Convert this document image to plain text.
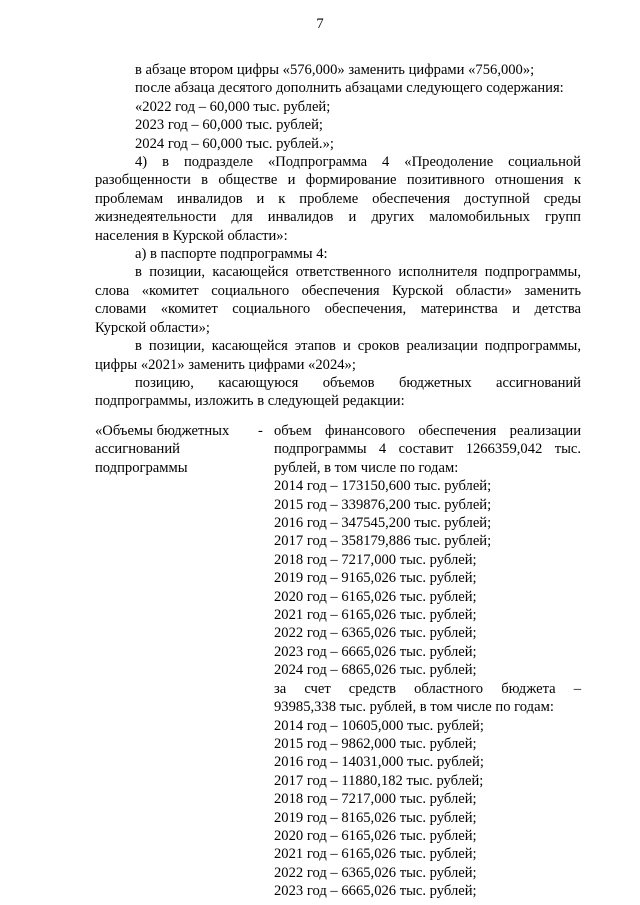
7
в абзаце втором цифры «576,000» заменить цифрами «756,000»;
после абзаца десятого дополнить абзацами следующего содержания:
«2022 год – 60,000 тыс. рублей;
2023 год – 60,000 тыс. рублей;
2024 год – 60,000 тыс. рублей.»;
4) в подразделе «Подпрограмма 4 «Преодоление социальной
разобщенности в обществе и формирование позитивного отношения к
проблемам инвалидов и к проблеме обеспечения доступной среды
жизнедеятельности для инвалидов и других маломобильных групп
населения в Курской области»:
а) в паспорте подпрограммы 4:
в позиции, касающейся ответственного исполнителя подпрограммы,
слова «комитет социального обеспечения Курской области» заменить
словами «комитет социального обеспечения, материнства и детства
Курской области»;
в позиции, касающейся этапов и сроков реализации подпрограммы,
цифры «2021» заменить цифрами «2024»;
позицию, касающуюся объемов бюджетных ассигнований
подпрограммы, изложить в следующей редакции:
«Объемы бюджетных
ассигнований
подпрограммы
- объем финансового обеспечения реализации
подпрограммы 4 составит 1266359,042 тыс.
рублей, в том числе по годам:
2014 год – 173150,600 тыс. рублей;
2015 год – 339876,200 тыс. рублей;
2016 год – 347545,200 тыс. рублей;
2017 год – 358179,886 тыс. рублей;
2018 год – 7217,000 тыс. рублей;
2019 год – 9165,026 тыс. рублей;
2020 год – 6165,026 тыс. рублей;
2021 год – 6165,026 тыс. рублей;
2022 год – 6365,026 тыс. рублей;
2023 год – 6665,026 тыс. рублей;
2024 год – 6865,026 тыс. рублей;
за счет средств областного бюджета –
93985,338 тыс. рублей, в том числе по годам:
2014 год – 10605,000 тыс. рублей;
2015 год – 9862,000 тыс. рублей;
2016 год – 14031,000 тыс. рублей;
2017 год – 11880,182 тыс. рублей;
2018 год – 7217,000 тыс. рублей;
2019 год – 8165,026 тыс. рублей;
2020 год – 6165,026 тыс. рублей;
2021 год – 6165,026 тыс. рублей;
2022 год – 6365,026 тыс. рублей;
2023 год – 6665,026 тыс. рублей;
